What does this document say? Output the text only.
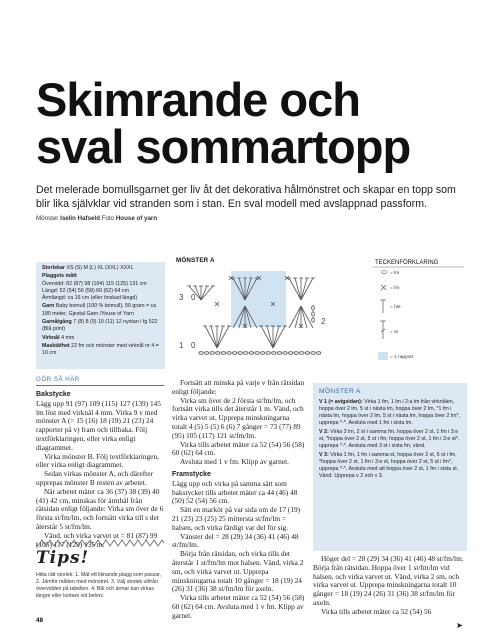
Skimrande och
sval sommartopp
Det melerade bomullsgarnet ger liv åt det dekorativa hålmönstret och skapar en topp som blir lika självklar vid stranden som i stan. En sval modell med avslappnad passform.
Mönster Iselin Hafseld Foto House of yarn
Storlekar XS (S) M (L) XL (XXL) XXXL
Plaggets mått
Övervidd: 82 (87) 98 (104) 115 (125) 131 cm
Längd: 52 (54) 56 (58) 60 (62) 64 cm
Ärmlängd: ca 16 cm (eller önskad längd)
Garn Baby bomull (100 % bomull), 50 gram = ca 180 meter, Gjestal Garn /Youse of Yarn
Garnåtgång 7 (8) 8 (9) 10 (11) 12 nystan i fg 522 (Blå print)
Virknål 4 mm
Masktäthet 22 fm och mönster med virknål nr 4 = 10 cm
MÖNSTER A
3
1
0
0
2
TECKENFÖRKLARING
= lm
= fm
= hst
= st
= 1 rapport
GÖR SÅ HÄR

Bakstycke

Lägg upp 91 (97) 109 (115) 127 (139) 145 lm löst med virknål 4 mm. Virka 9 v med mönster A (= 15 (16) 18 (19) 21 (23) 24 rapporter på v) fram och tillbaka. Följ textförklaringen, eller virka enligt diagrammet.

Virka mönster B. Följ textförklaringen, eller virka enligt diagrammet.

Sedan virkas mönster A, och därefter upprepas mönster B resten av arbetet.

När arbetet mäter ca 36 (37) 38 (39) 40 (41) 42 cm, minskas för ärmhål från rätsidan enligt följande: Virka sm över de 6 första st/fm/lm, och fortsätt virka till s det återstår 5 st/fm/lm.

Vänd, och virka varvet ut = 81 (87) 99 (105) 117 (129) 135 m.

Tips!
Hitta rätt storlek: 1. Mät ett liknande plagg som passar, 2. Jämför måtten med mönstret. 3. Välj storlek utifrån övervidden på tabellen. 4. Bål och ärmar kan virkas längre eller kortare vid behov.

Fortsätt att minska på varje v från rätsidan enligt följande:

Virka sm över de 2 första st/fm/lm, och fortsätt virka tills det återstår 1 m. Vänd, och virka varvet ut. Upprepa minskningarna totalt 4 (5) 5 (5) 6 (6) 7 gånger = 73 (77) 89 (95) 105 (117) 121 st/fm/lm.

Virka tills arbetet mäter ca 52 (54) 56 (58) 60 (62) 64 cm.

Avsluta med 1 v fm. Klipp av garnet.

Framstycke

Lägg upp och virka på samma sätt som bakstycket tills arbetet mäter ca 44 (46) 48 (50) 52 (54) 56 cm.

Sätt en markör på var sida om de 17 (19) 21 (23) 23 (25) 25 mittersta st/fm/lm = halsen, och virka färdigt var del för sig.

Vänster del = 28 (29) 34 (36) 41 (46) 48 st/fm/lm.

Börja från rätsidan, och virka tills det återstår 1 st/fm/lm mot halsen. Vänd, virka 2 sm, och virka varvet ut. Upprepa minskningarna totalt 10 gånger = 18 (19) 24 (26) 31 (36) 38 st/fm/lm för axeln.

Virka tills arbetet mäter ca 52 (54) 56 (58) 60 (62) 64 cm. Avsluta med 1 v fm. Klipp av garnet.

MÖNSTER A
V 1 (= avigsidan): Virka 1 fm, 1 lm i 2:a lm från virknålen, hoppa över 2 lm, 5 st i nästa lm, hoppa över 2 lm, *1 fm i nästa lm, hoppa över 2 lm, 5 st i nästa lm, hoppa över 2 lm*, upprepa *-*. Avsluta med 1 fm i sista lm.
V 2: Virka 3 lm, 2 st i samma fm, hoppa över 2 st, 1 fm i 3:e st, *hoppa över 2 st, 5 st i fm, hoppa över 2 st, 1 fm i 3:e st*, upprepa *-*. Avsluta med 3 st i sista fm, vänd.
V 3: Virka 1 fm, 1 fm i samma st, hoppa över 2 st, 5 st i fm, *hoppa över 2 st, 1 fm i 3:e st, hoppa över 2 st, 5 st i fm*, upprepa *-*. Avsluta med att hoppa över 2 st, 1 fm i sista st. Vänd. Upprepa v 2 och v 3.

Höger del = 28 (29) 34 (36) 41 (46) 48 st/fm/lm. Börja från rätsidan. Hoppa över 1 st/fm/lm vid halsen, och virka varvet ut. Vänd, virka 2 sm, och virka varvet ut. Upprepa minskningarna totalt 10 gånger = 18 (19) 24 (26) 31 (36) 38 st/fm/lm för axeln.

Virka tills arbetet mäter ca 52 (54) 56

48
➤
